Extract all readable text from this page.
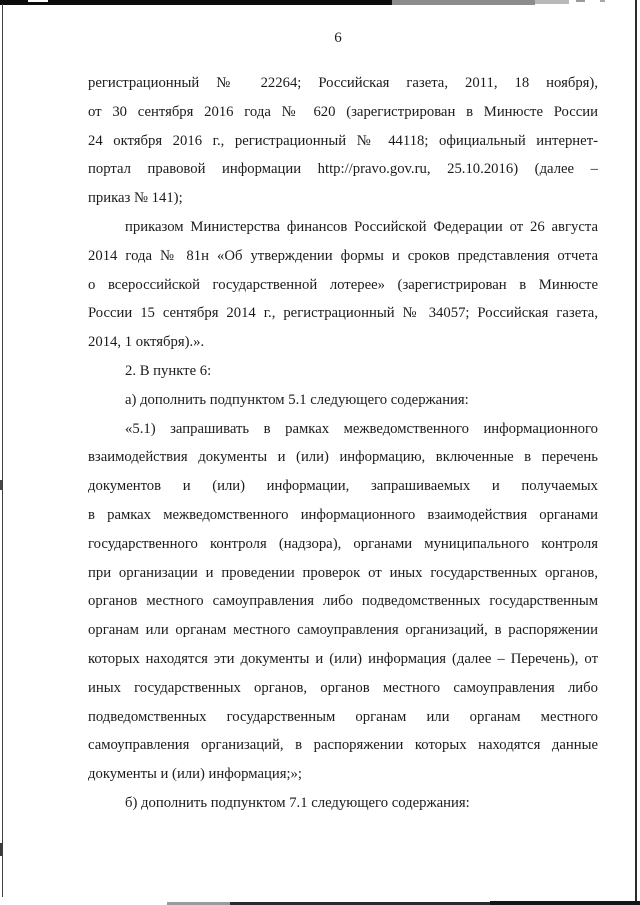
6
регистрационный № 22264; Российская газета, 2011, 18 ноября),
от 30 сентября 2016 года № 620 (зарегистрирован в Минюсте России
24 октября 2016 г., регистрационный № 44118; официальный интернет-
портал правовой информации http://pravo.gov.ru, 25.10.2016) (далее –
приказ № 141);
приказом Министерства финансов Российской Федерации от 26 августа
2014 года № 81н «Об утверждении формы и сроков представления отчета
о всероссийской государственной лотерее» (зарегистрирован в Минюсте
России 15 сентября 2014 г., регистрационный № 34057; Российская газета,
2014, 1 октября).».
2. В пункте 6:
а) дополнить подпунктом 5.1 следующего содержания:
«5.1) запрашивать в рамках межведомственного информационного
взаимодействия документы и (или) информацию, включенные в перечень
документов и (или) информации, запрашиваемых и получаемых
в рамках межведомственного информационного взаимодействия органами
государственного контроля (надзора), органами муниципального контроля
при организации и проведении проверок от иных государственных органов,
органов местного самоуправления либо подведомственных государственным
органам или органам местного самоуправления организаций, в распоряжении
которых находятся эти документы и (или) информация (далее – Перечень), от
иных государственных органов, органов местного самоуправления либо
подведомственных государственным органам или органам местного
самоуправления организаций, в распоряжении которых находятся данные
документы и (или) информация;»;
б) дополнить подпунктом 7.1 следующего содержания:
